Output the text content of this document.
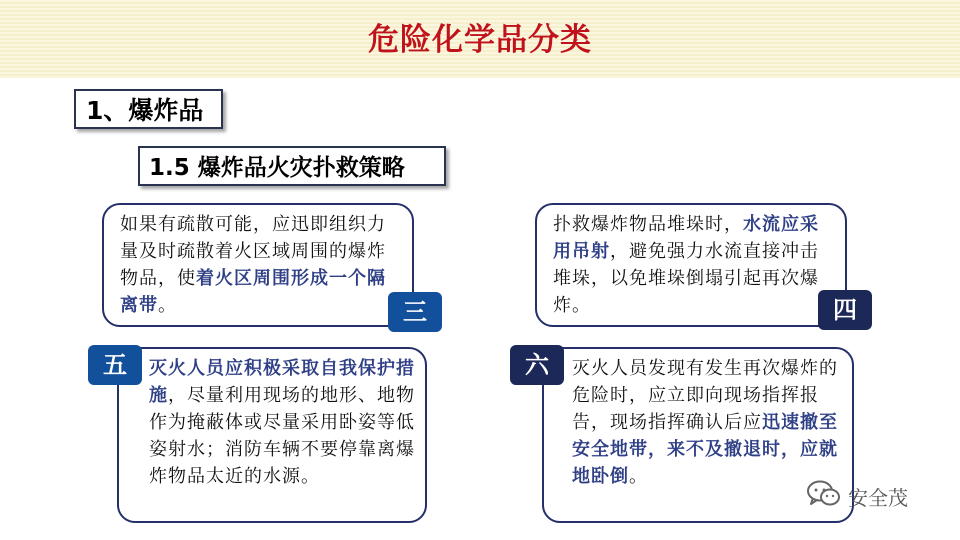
危险化学品分类
1、爆炸品
1.5 爆炸品火灾扑救策略
如果有疏散可能，应迅即组织力量及时疏散着火区域周围的爆炸物品，使着火区周围形成一个隔离带。	三
扑救爆炸物品堆垛时，水流应采用吊射，避免强力水流直接冲击堆垛，以免堆垛倒塌引起再次爆炸。	四
灭火人员应积极采取自我保护措施，尽量利用现场的地形、地物作为掩蔽体或尽量采用卧姿等低姿射水；消防车辆不要停靠离爆炸物品太近的水源。
五	灭火人员发现有发生再次爆炸的危险时，应立即向现场指挥报告，现场指挥确认后应迅速撤至安全地带，来不及撤退时，应就地卧倒。
六
安全茂
